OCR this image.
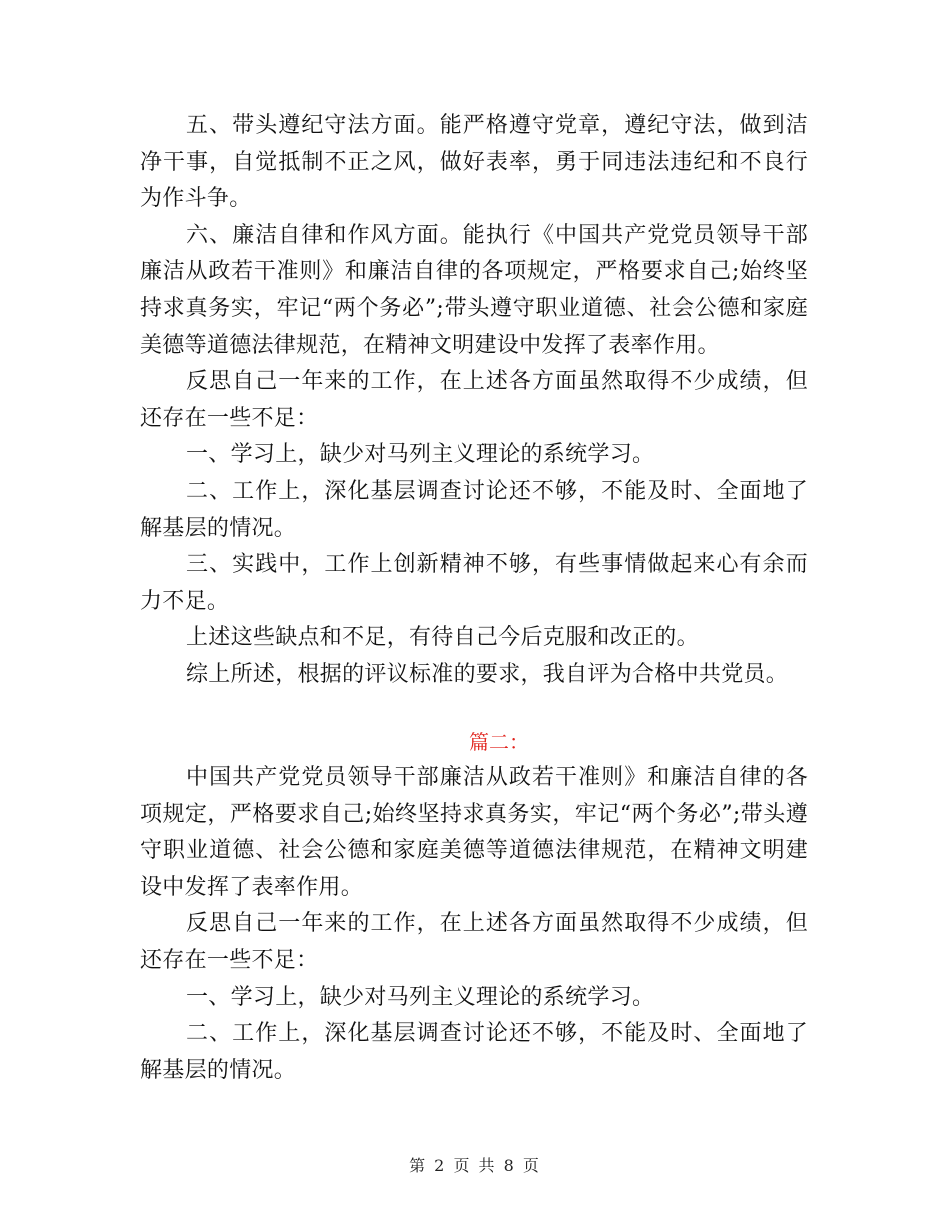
五、带头遵纪守法方面。能严格遵守党章，遵纪守法，做到洁净干事，自觉抵制不正之风，做好表率，勇于同违法违纪和不良行为作斗争。

六、廉洁自律和作风方面。能执行《中国共产党党员领导干部廉洁从政若干准则》和廉洁自律的各项规定，严格要求自己;始终坚持求真务实，牢记“两个务必”;带头遵守职业道德、社会公德和家庭美德等道德法律规范，在精神文明建设中发挥了表率作用。

反思自己一年来的工作，在上述各方面虽然取得不少成绩，但还存在一些不足：

一、学习上，缺少对马列主义理论的系统学习。

二、工作上，深化基层调查讨论还不够，不能及时、全面地了解基层的情况。

三、实践中，工作上创新精神不够，有些事情做起来心有余而力不足。

上述这些缺点和不足，有待自己今后克服和改正的。

综上所述，根据的评议标准的要求，我自评为合格中共党员。

篇二：

中国共产党党员领导干部廉洁从政若干准则》和廉洁自律的各项规定，严格要求自己;始终坚持求真务实，牢记“两个务必”;带头遵守职业道德、社会公德和家庭美德等道德法律规范，在精神文明建设中发挥了表率作用。

反思自己一年来的工作，在上述各方面虽然取得不少成绩，但还存在一些不足：

一、学习上，缺少对马列主义理论的系统学习。

二、工作上，深化基层调查讨论还不够，不能及时、全面地了解基层的情况。

第 2 页 共 8 页
